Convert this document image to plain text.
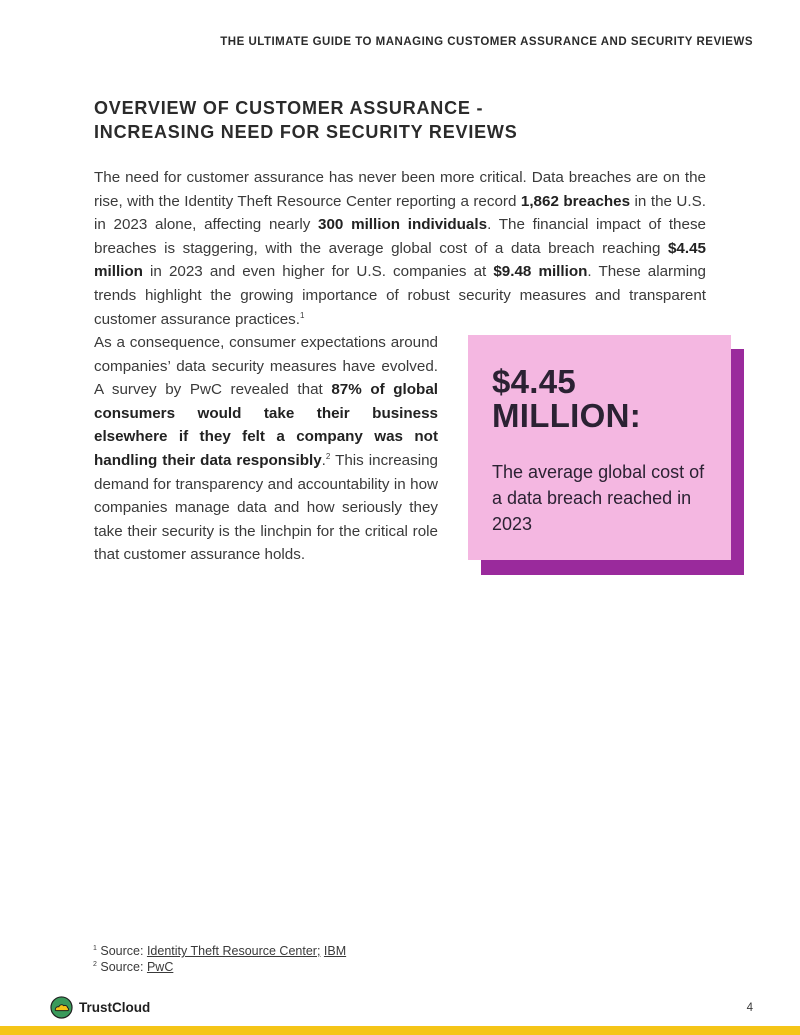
THE ULTIMATE GUIDE TO MANAGING CUSTOMER ASSURANCE AND SECURITY REVIEWS
OVERVIEW OF CUSTOMER ASSURANCE -
INCREASING NEED FOR SECURITY REVIEWS

The need for customer assurance has never been more critical. Data breaches are on the rise, with the Identity Theft Resource Center reporting a record 1,862 breaches in the U.S. in 2023 alone, affecting nearly 300 million individuals. The financial impact of these breaches is staggering, with the average global cost of a data breach reaching $4.45 million in 2023 and even higher for U.S. companies at $9.48 million. These alarming trends highlight the growing importance of robust security measures and transparent customer assurance practices.$^1$

As a consequence, consumer expectations around companies’ data security measures have evolved. A survey by PwC revealed that 87% of global consumers would take their business elsewhere if they felt a company was not handling their data responsibly.$^2$ This increasing demand for transparency and accountability in how companies manage data and how seriously they take their security is the linchpin for the critical role that customer assurance holds.

$4.45
MILLION:
The average global cost of a data breach reached in 2023
$^1$ Source: Identity Theft Resource Center; IBM
$^2$ Source: PwC
TrustCloud	4
